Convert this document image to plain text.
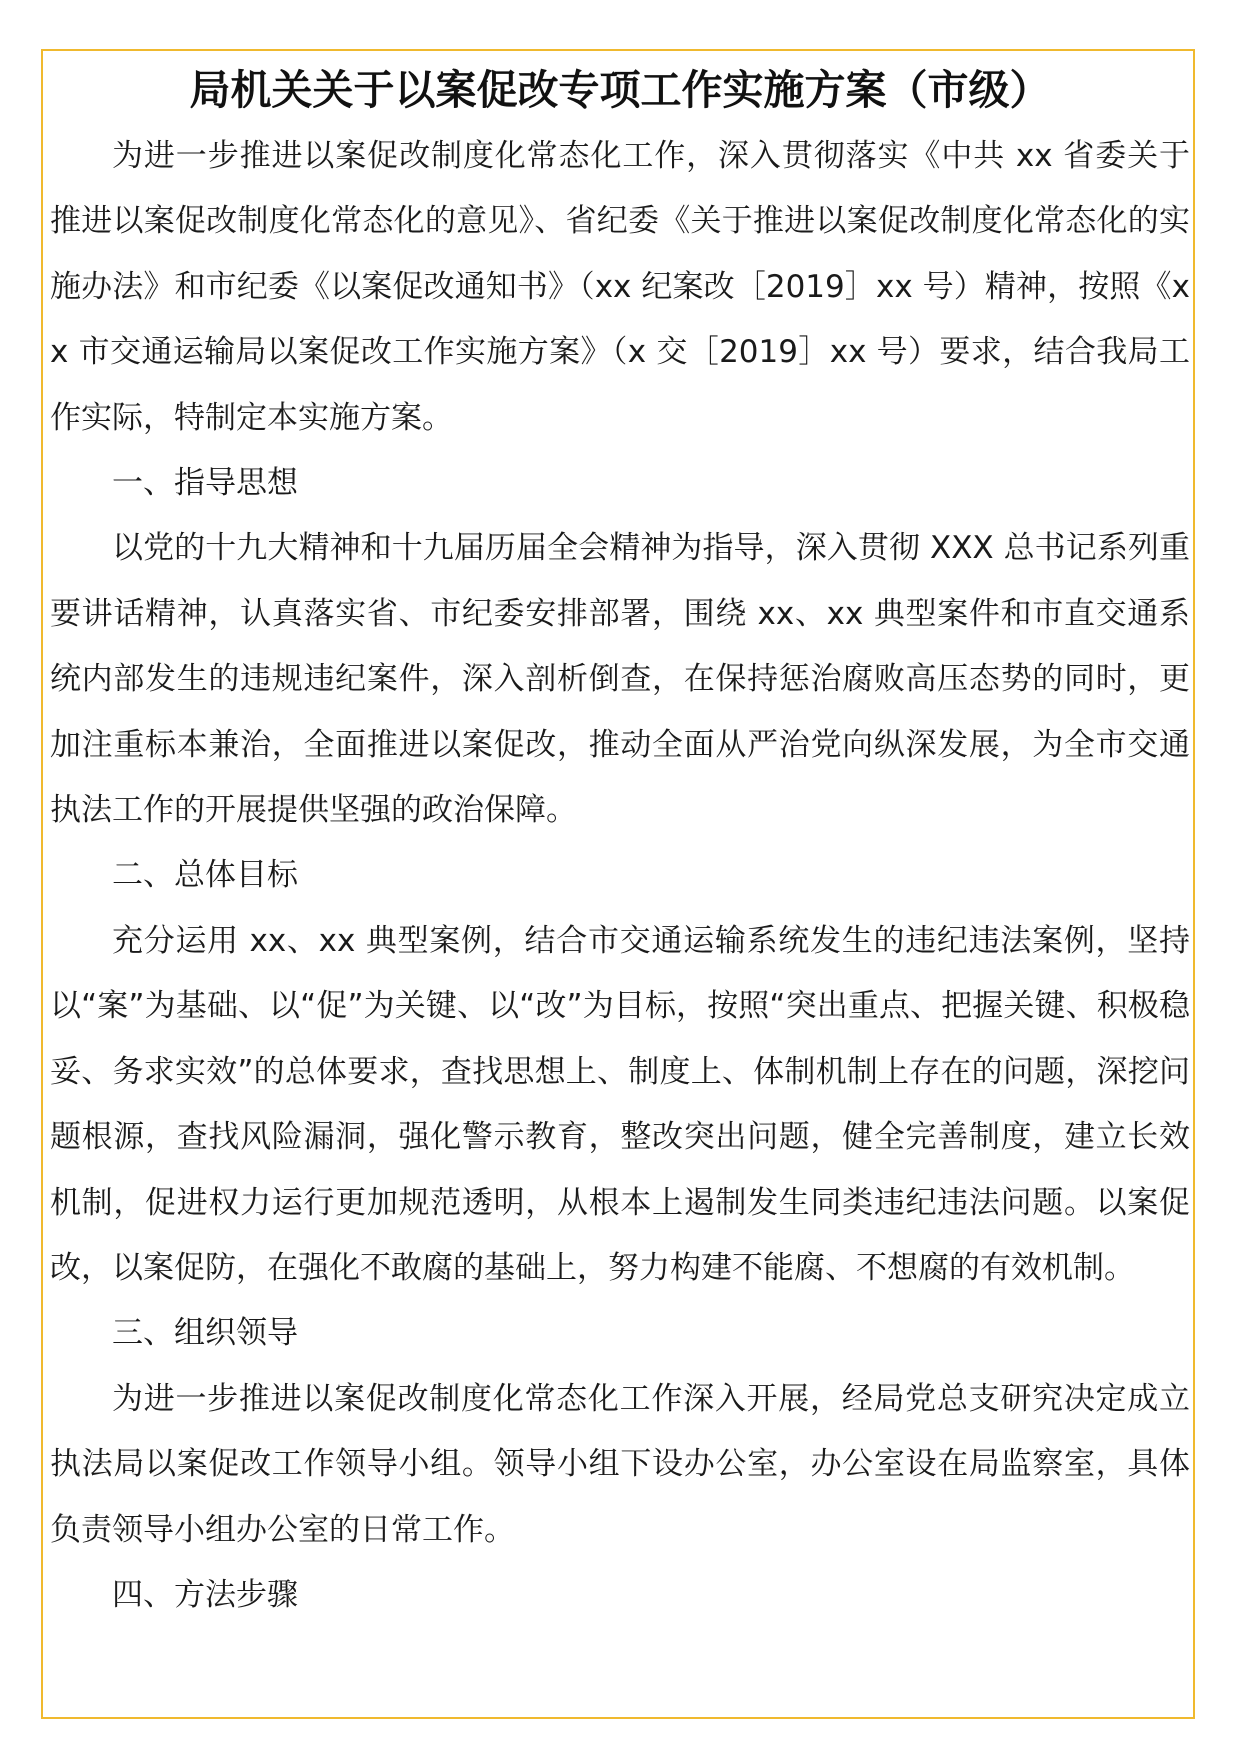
局机关关于以案促改专项工作实施方案（市级）

为进一步推进以案促改制度化常态化工作，深入贯彻落实《中共 xx 省委关于推进以案促改制度化常态化的意见》、省纪委《关于推进以案促改制度化常态化的实施办法》和市纪委《以案促改通知书》（xx 纪案改［2019］xx 号）精神，按照《xx 市交通运输局以案促改工作实施方案》（x 交［2019］xx 号）要求，结合我局工作实际，特制定本实施方案。

一、指导思想

以党的十九大精神和十九届历届全会精神为指导，深入贯彻 XXX 总书记系列重要讲话精神，认真落实省、市纪委安排部署，围绕 xx、xx 典型案件和市直交通系统内部发生的违规违纪案件，深入剖析倒查，在保持惩治腐败高压态势的同时，更加注重标本兼治，全面推进以案促改，推动全面从严治党向纵深发展，为全市交通执法工作的开展提供坚强的政治保障。

二、总体目标

充分运用 xx、xx 典型案例，结合市交通运输系统发生的违纪违法案例，坚持以“案”为基础、以“促”为关键、以“改”为目标，按照“突出重点、把握关键、积极稳妥、务求实效”的总体要求，查找思想上、制度上、体制机制上存在的问题，深挖问题根源，查找风险漏洞，强化警示教育，整改突出问题，健全完善制度，建立长效机制，促进权力运行更加规范透明，从根本上遏制发生同类违纪违法问题。以案促改，以案促防，在强化不敢腐的基础上，努力构建不能腐、不想腐的有效机制。

三、组织领导

为进一步推进以案促改制度化常态化工作深入开展，经局党总支研究决定成立执法局以案促改工作领导小组。领导小组下设办公室，办公室设在局监察室，具体负责领导小组办公室的日常工作。

四、方法步骤
